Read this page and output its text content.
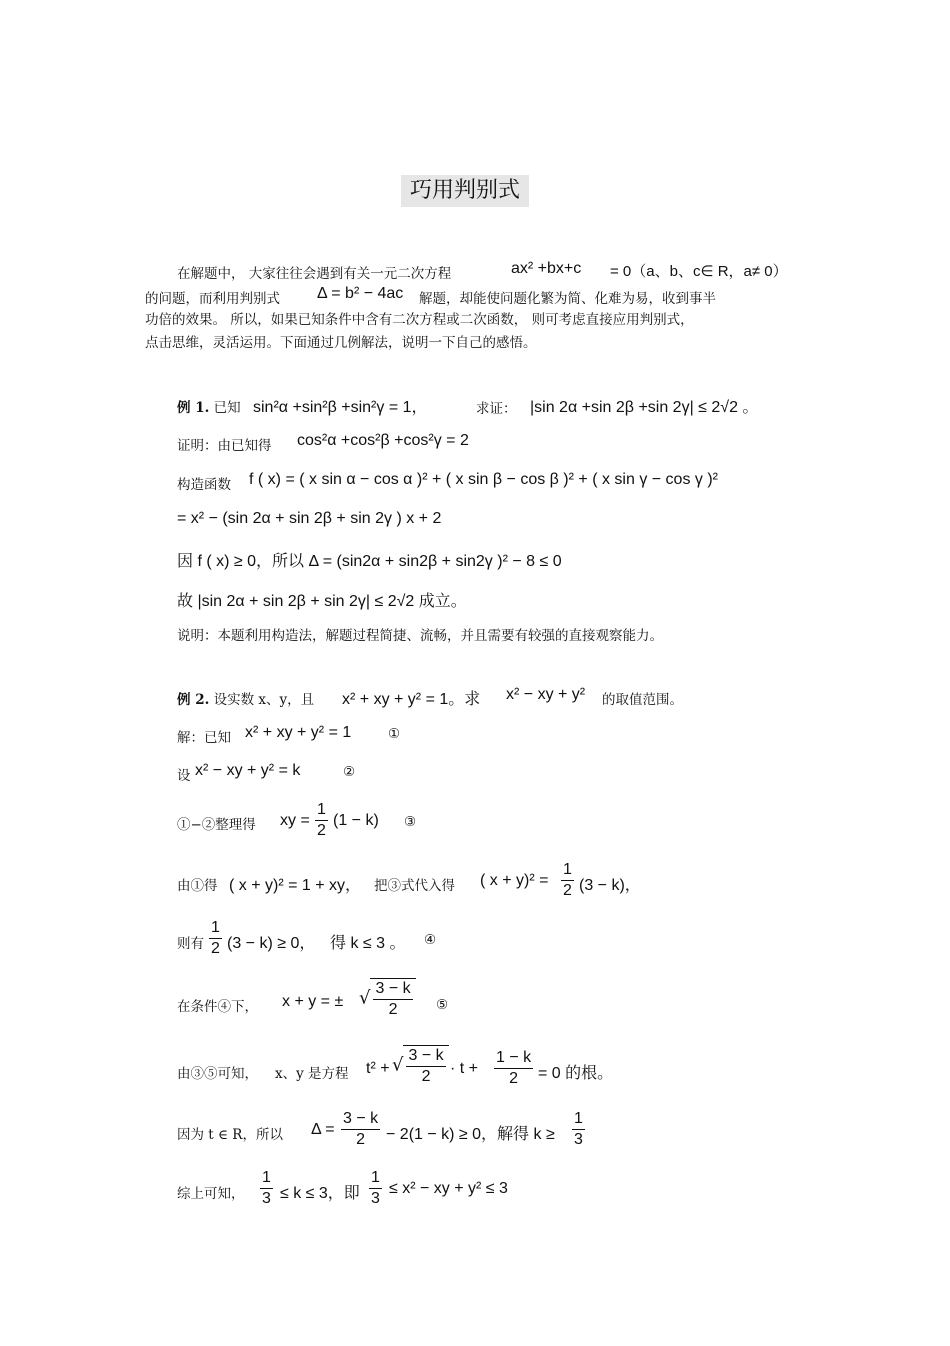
巧用判别式
在解题中， 大家往往会遇到有关一元二次方程	ax² +bx+c = 0（a、b、c∈ R，a≠ 0）
的问题，而利用判别式 Δ = b² − 4ac 解题，却能使问题化繁为简、化难为易，收到事半
功倍的效果。 所以，如果已知条件中含有二次方程或二次函数， 则可考虑直接应用判别式，
点击思维，灵活运用。下面通过几例解法，说明一下自己的感悟。
例 1. 已知 sin²α +sin²β +sin²γ = 1，	求证： |sin 2α +sin 2β +sin 2γ| ≤ 2√2 。
证明：由已知得 cos²α +cos²β +cos²γ = 2
构造函数 f ( x) = ( x sin α − cos α )² + ( x sin β − cos β )² + ( x sin γ − cos γ )²
= x² − (sin 2α + sin 2β + sin 2γ ) x + 2
因 f ( x) ≥ 0，所以 Δ = (sin2α + sin2β + sin2γ )² − 8 ≤ 0
故 |sin 2α + sin 2β + sin 2γ| ≤ 2√2 成立。
说明：本题利用构造法，解题过程简捷、流畅，并且需要有较强的直接观察能力。
例 2. 设实数 x、y，且 x² + xy + y² = 1。求 x² − xy + y² 的取值范围。
解：已知 x² + xy + y² = 1	①
设 x² − xy + y² = k	②
①−②整理得 xy = $\frac{1}{2} (1 - k)$ ③
由①得 ( x + y)² = 1 + xy， 把③式代入得 ( $x + y)^2 = \frac{1}{2} (3 - k)$，
则有 $\frac{1}{2} (3 - k) \ge 0$， 得 k ≤ 3 。 ④
在条件④下， x + y = ± √ $\frac{3 - k}{2}$ ⑤
由③⑤可知， x、y 是方程 t² + √ $\frac{3 - k}{2} \cdot t + \frac{1 - k}{2} = 0$ 的根。
因为 t ∈ R，所以 $\Delta = \frac{3 - k}{2} - 2(1 - k) \ge 0$，解得 $k \ge \frac{1}{3}$
综上可知， $\frac{1}{3} \le k \le 3$，即 $\frac{1}{3} \le x^2$ − xy + y² ≤ 3
